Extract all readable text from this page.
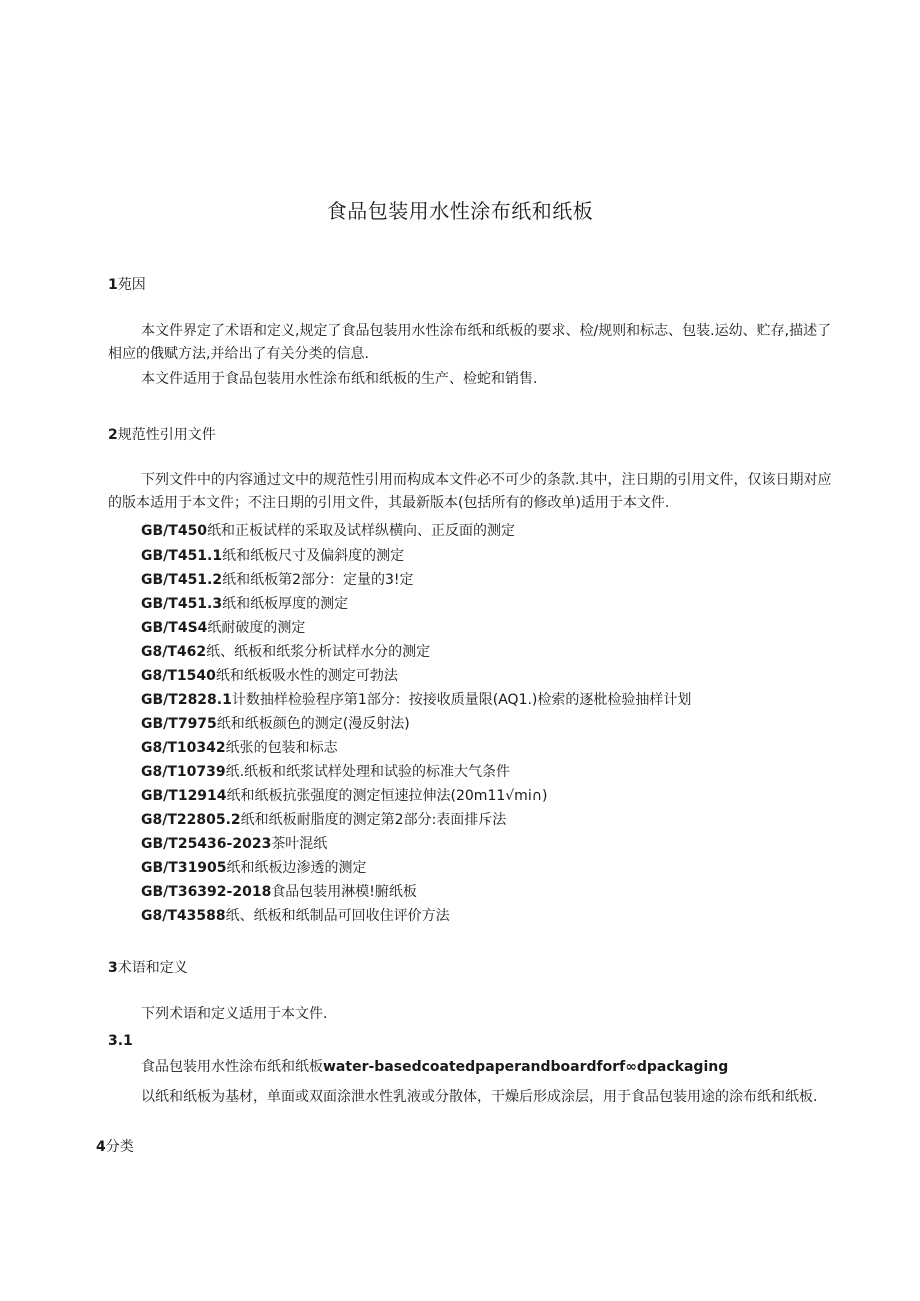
食品包装用水性涂布纸和纸板
1苑因
本文件界定了术语和定义,规定了食品包装用水性涂布纸和纸板的要求、检/规则和标志、包装.运幼、贮存,描述了相应的俄赋方法,并给出了有关分类的信息.
本文件适用于食品包装用水性涂布纸和纸板的生产、检蛇和销售.
2规范性引用文件
下列文件中的内容通过文中的规范性引用而构成本文件必不可少的条款.其中，注日期的引用文件，仅该日期对应的版本适用于本文件；不注日期的引用文件，其最新版本(包括所有的修改单)适用于本文件.
GB/T450纸和正板试样的采取及试样纵横向、正反面的测定
GB/T451.1纸和纸板尺寸及偏斜度的测定
GB/T451.2纸和纸板第2部分：定量的3!定
GB/T451.3纸和纸板厚度的测定
GB/T4S4纸耐破度的测定
G8/T462纸、纸板和纸浆分析试样水分的测定
G8/T1540纸和纸板吸水性的测定可勃法
GB/T2828.1计数抽样检验程序第1部分：按接收质量限(AQ1.)检索的逐枇检验抽样计划
GB/T7975纸和纸板颜色的测定(漫反射法)
G8/T10342纸张的包装和标志
G8/T10739纸.纸板和纸浆试样处理和试验的标准大气条件
GB/T12914纸和纸板抗张强度的测定恒速拉伸法(20m11√mi∩)
G8/T22805.2纸和纸板耐脂度的测定第2部分:表面排斥法
GB/T25436-2023茶叶混纸
GB/T31905纸和纸板边渗透的测定
GB/T36392-2018食品包装用淋模!腑纸板
G8/T43588纸、纸板和纸制品可回收住评价方法
3术语和定义
下列术语和定义适用于本文件.
3.1
食品包装用水性涂布纸和纸板water-basedcoatedpaperandboardforf∞dpackaging
以纸和纸板为基材，单面或双面涂泄水性乳液或分散体，干燥后形成涂层，用于食品包装用途的涂布纸和纸板.
4分类
